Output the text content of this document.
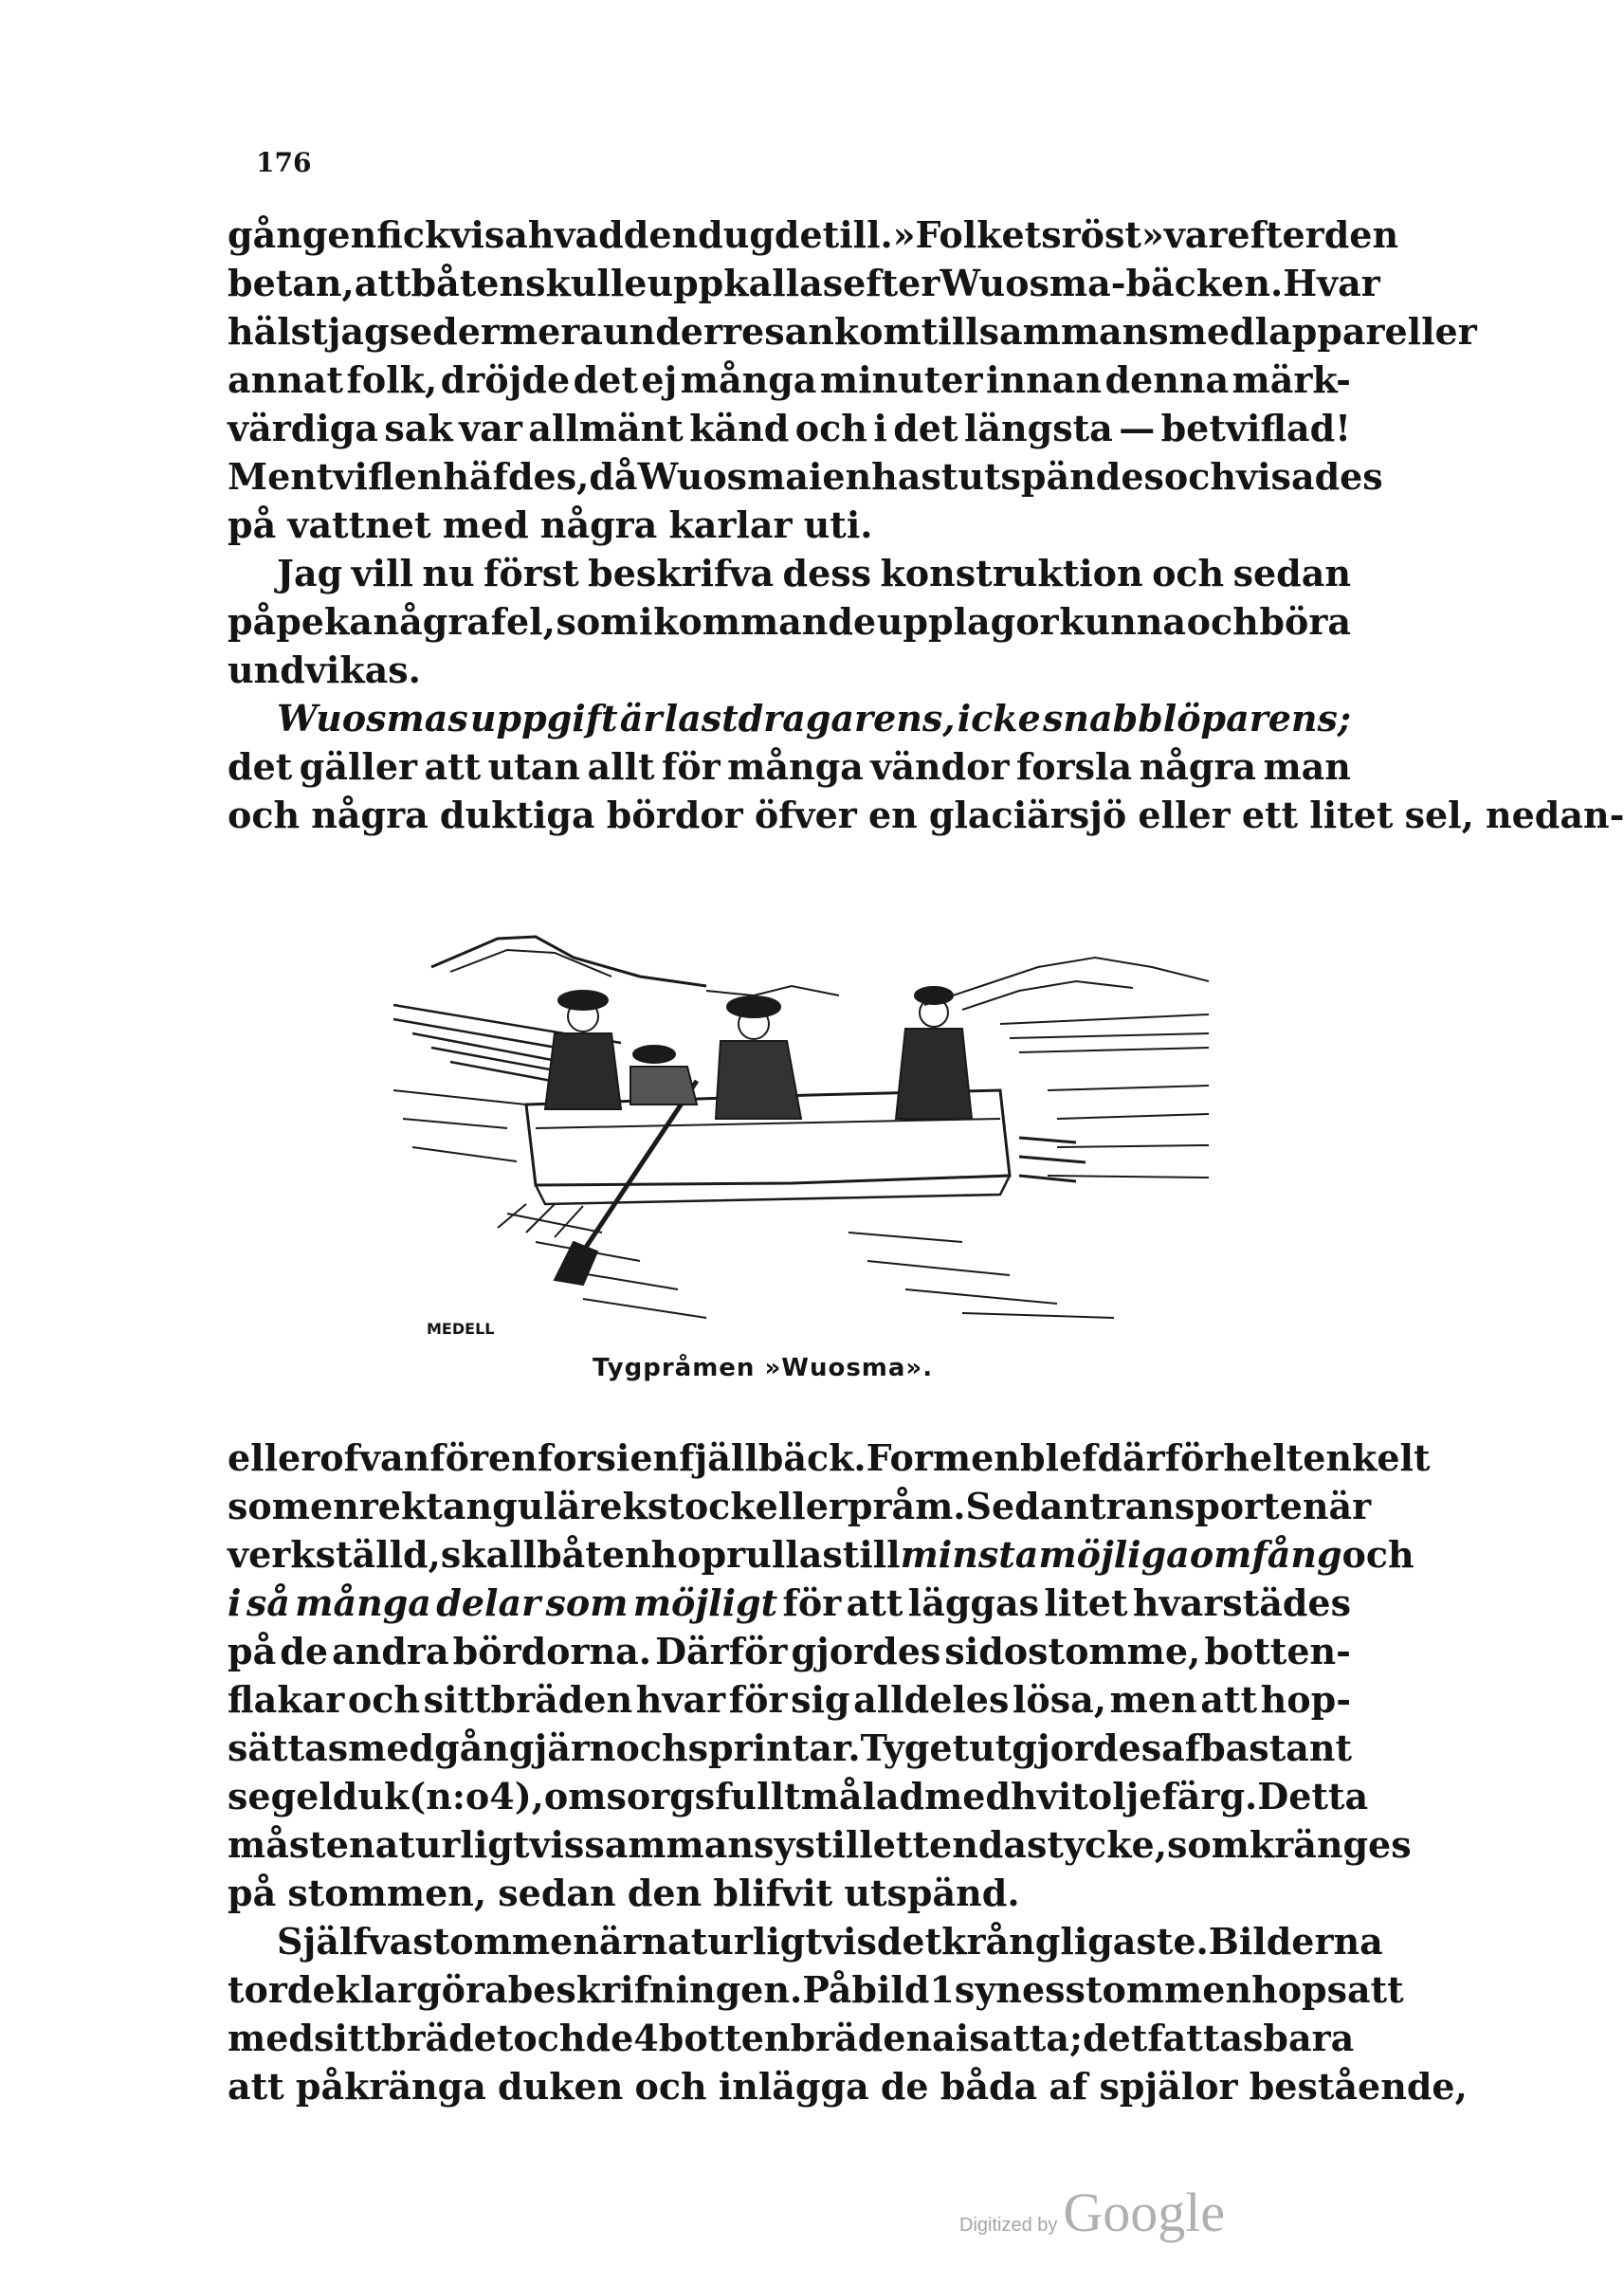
176
gången fick visa hvad den dugde till. »Folkets röst» var efter den
betan, att båten skulle uppkallas efter Wuosma-bäcken. Hvar
hälst jag sedermera under resan kom tillsammans med lappar eller
annat folk, dröjde det ej många minuter innan denna märk-
värdiga sak var allmänt känd och i det längsta — betviflad!
Men tviflen häfdes, då Wuosma i en hast utspändes och visades
på vattnet med några karlar uti.
Jag vill nu först beskrifva dess konstruktion och sedan
påpeka några fel, som i kommande upplagor kunna och böra
undvikas.
Wuosmas uppgift är lastdragarens, icke snabblöparens;
det gäller att utan allt för många vändor forsla några man
och några duktiga bördor öfver en glaciärsjö eller ett litet sel, nedan-
MEDELL
Tygpråmen »Wuosma».
eller ofvanför en fors i en fjällbäck. Formen blef därför helt enkelt
som en rektangulär ekstock eller pråm. Sedan transporten är
verkställd, skall båten hoprullas till minsta möjliga omfång och
i så många delar som möjligt för att läggas litet hvarstädes
på de andra bördorna. Därför gjordes sidostomme, botten-
flakar och sittbräden hvar för sig alldeles lösa, men att hop-
sättas med gångjärn och sprintar. Tyget utgjordes af bastant
segelduk (n:o 4), omsorgsfullt målad med hvit oljefärg. Detta
måste naturligtvis sammansys till ett enda stycke, som kränges
på stommen, sedan den blifvit utspänd.
Själfva stommen är naturligtvis det krångligaste. Bilderna
torde klargöra beskrifningen. På bild 1 synes stommen hopsatt
med sittbrädet och de 4 bottenbrädena isatta; det fattas bara
att påkränga duken och inlägga de båda af spjälor bestående,
Digitized by Google
